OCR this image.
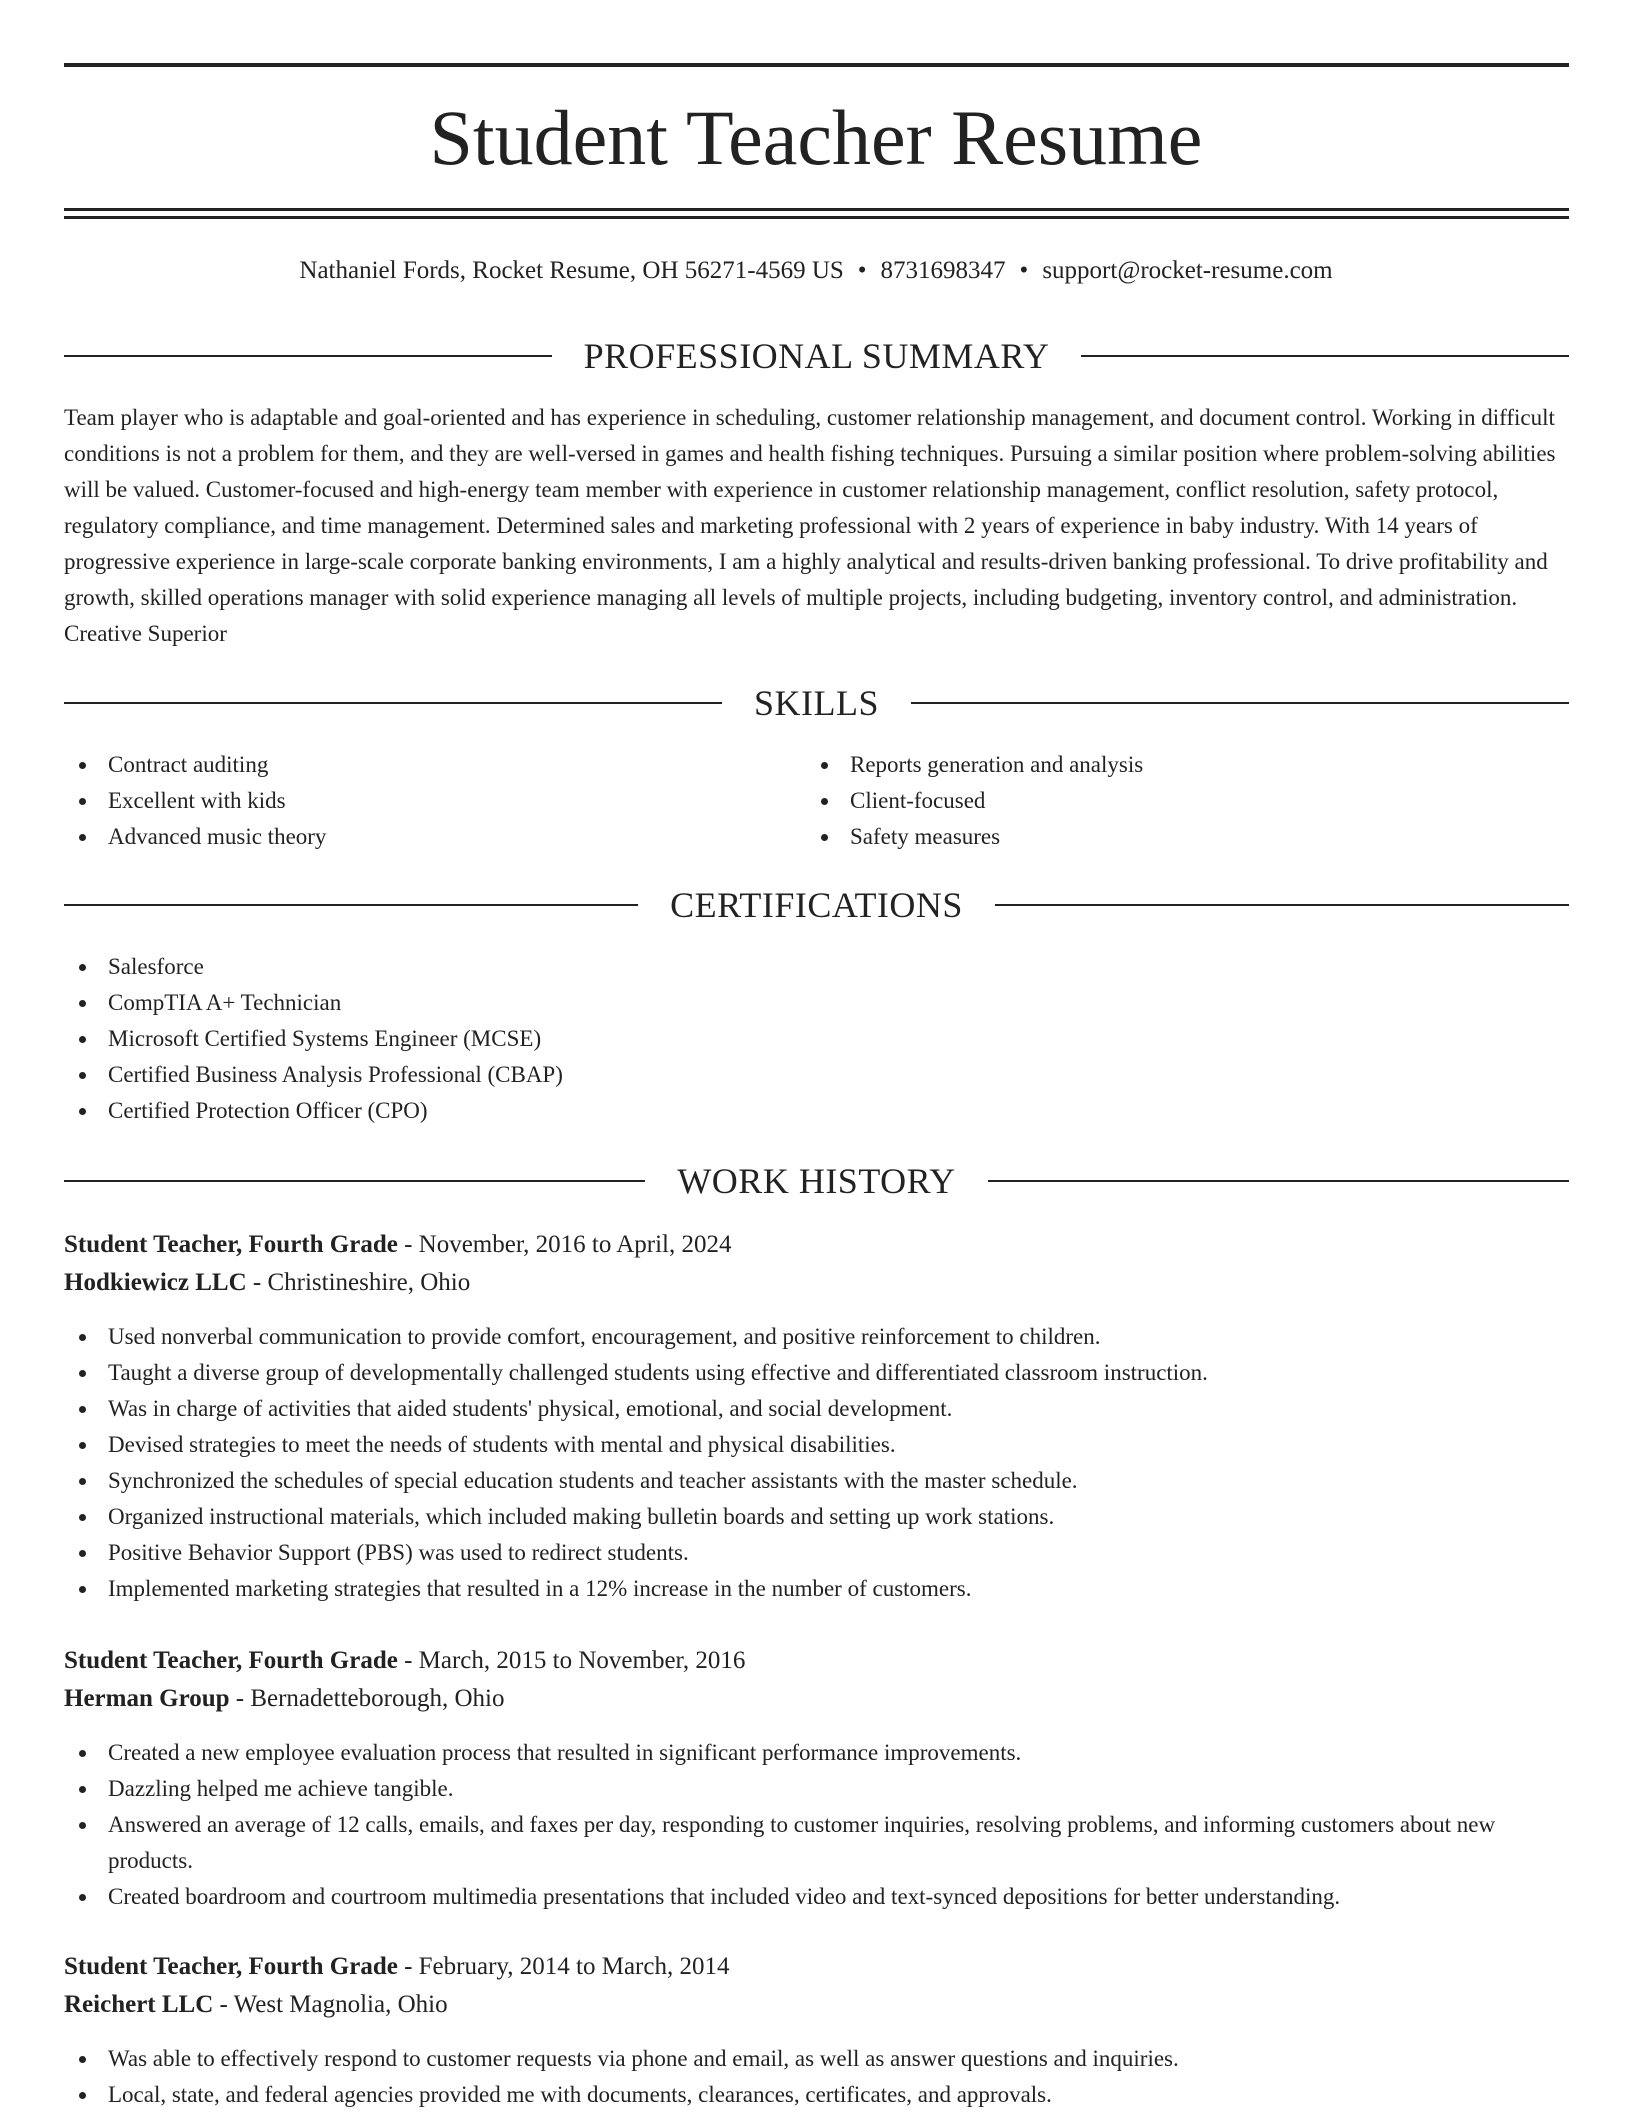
Student Teacher Resume
Nathaniel Fords, Rocket Resume, OH 56271-4569 US • 8731698347 • support@rocket-resume.com
PROFESSIONAL SUMMARY

Team player who is adaptable and goal-oriented and has experience in scheduling, customer relationship management, and document control. Working in difficult conditions is not a problem for them, and they are well-versed in games and health fishing techniques. Pursuing a similar position where problem-solving abilities will be valued. Customer-focused and high-energy team member with experience in customer relationship management, conflict resolution, safety protocol, regulatory compliance, and time management. Determined sales and marketing professional with 2 years of experience in baby industry. With 14 years of progressive experience in large-scale corporate banking environments, I am a highly analytical and results-driven banking professional. To drive profitability and growth, skilled operations manager with solid experience managing all levels of multiple projects, including budgeting, inventory control, and administration. Creative Superior

SKILLS
Contract auditing
Excellent with kids
Advanced music theory
Reports generation and analysis
Client-focused
Safety measures
CERTIFICATIONS
Salesforce
CompTIA A+ Technician
Microsoft Certified Systems Engineer (MCSE)
Certified Business Analysis Professional (CBAP)
Certified Protection Officer (CPO)
WORK HISTORY
Student Teacher, Fourth Grade - November, 2016 to April, 2024
Hodkiewicz LLC - Christineshire, Ohio
Used nonverbal communication to provide comfort, encouragement, and positive reinforcement to children.
Taught a diverse group of developmentally challenged students using effective and differentiated classroom instruction.
Was in charge of activities that aided students' physical, emotional, and social development.
Devised strategies to meet the needs of students with mental and physical disabilities.
Synchronized the schedules of special education students and teacher assistants with the master schedule.
Organized instructional materials, which included making bulletin boards and setting up work stations.
Positive Behavior Support (PBS) was used to redirect students.
Implemented marketing strategies that resulted in a 12% increase in the number of customers.
Student Teacher, Fourth Grade - March, 2015 to November, 2016
Herman Group - Bernadetteborough, Ohio
Created a new employee evaluation process that resulted in significant performance improvements.
Dazzling helped me achieve tangible.
Answered an average of 12 calls, emails, and faxes per day, responding to customer inquiries, resolving problems, and informing customers about new products.
Created boardroom and courtroom multimedia presentations that included video and text-synced depositions for better understanding.
Student Teacher, Fourth Grade - February, 2014 to March, 2014
Reichert LLC - West Magnolia, Ohio
Was able to effectively respond to customer requests via phone and email, as well as answer questions and inquiries.
Local, state, and federal agencies provided me with documents, clearances, certificates, and approvals.
